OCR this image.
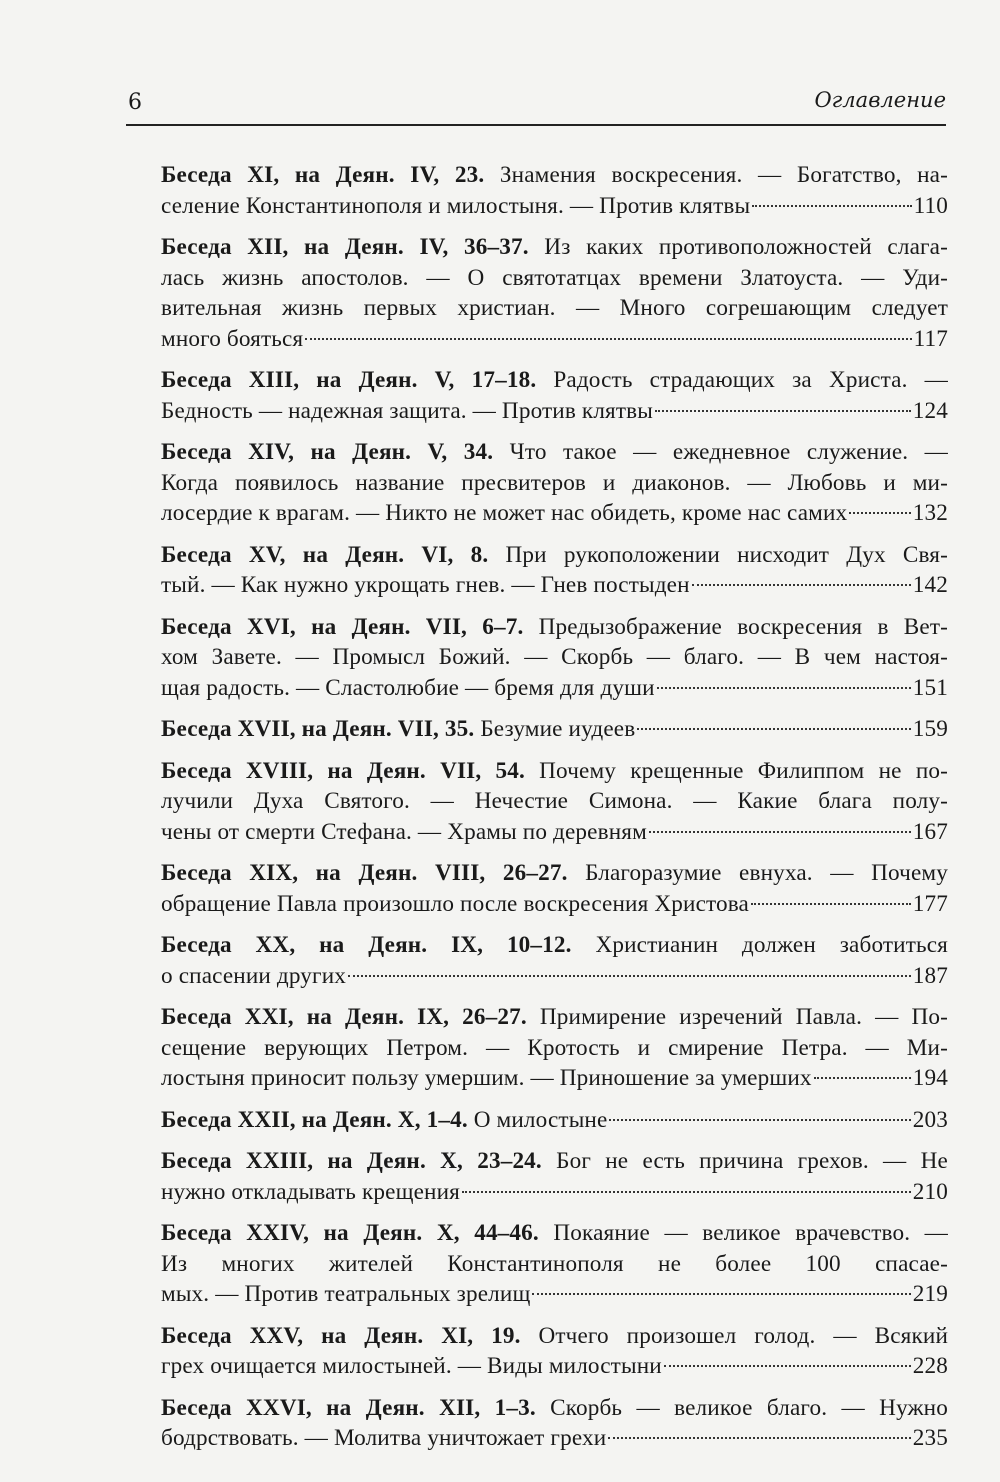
6	Оглавление
Беседа XI, на Деян. IV, 23. Знамения воскресения. — Богатство, на-
селение Константинополя и милостыня. — Против клятвы	110
Беседа XII, на Деян. IV, 36–37. Из каких противоположностей слага-
лась жизнь апостолов. — О святотатцах времени Златоуста. — Уди-
вительная жизнь первых христиан. — Много согрешающим следует
много бояться	117
Беседа XIII, на Деян. V, 17–18. Радость страдающих за Христа. —
Бедность — надежная защита. — Против клятвы	124
Беседа XIV, на Деян. V, 34. Что такое — ежедневное служение. —
Когда появилось название пресвитеров и диаконов. — Любовь и ми-
лосердие к врагам. — Никто не может нас обидеть, кроме нас самих	132
Беседа XV, на Деян. VI, 8. При рукоположении нисходит Дух Свя-
тый. — Как нужно укрощать гнев. — Гнев постыден	142
Беседа XVI, на Деян. VII, 6–7. Предызображение воскресения в Вет-
хом Завете. — Промысл Божий. — Скорбь — благо. — В чем настоя-
щая радость. — Сластолюбие — бремя для души	151
Беседа XVII, на Деян. VII, 35. Безумие иудеев	159
Беседа XVIII, на Деян. VII, 54. Почему крещенные Филиппом не по-
лучили Духа Святого. — Нечестие Симона. — Какие блага полу-
чены от смерти Стефана. — Храмы по деревням	167
Беседа XIX, на Деян. VIII, 26–27. Благоразумие евнуха. — Почему
обращение Павла произошло после воскресения Христова	177
Беседа XX, на Деян. IX, 10–12. Христианин должен заботиться
о спасении других	187
Беседа XXI, на Деян. IX, 26–27. Примирение изречений Павла. — По-
сещение верующих Петром. — Кротость и смирение Петра. — Ми-
лостыня приносит пользу умершим. — Приношение за умерших	194
Беседа XXII, на Деян. X, 1–4. О милостыне	203
Беседа XXIII, на Деян. X, 23–24. Бог не есть причина грехов. — Не
нужно откладывать крещения	210
Беседа XXIV, на Деян. X, 44–46. Покаяние — великое врачевство. —
Из многих жителей Константинополя не более 100 спасае-
мых. — Против театральных зрелищ	219
Беседа XXV, на Деян. XI, 19. Отчего произошел голод. — Всякий
грех очищается милостыней. — Виды милостыни	228
Беседа XXVI, на Деян. XII, 1–3. Скорбь — великое благо. — Нужно
бодрствовать. — Молитва уничтожает грехи	235
